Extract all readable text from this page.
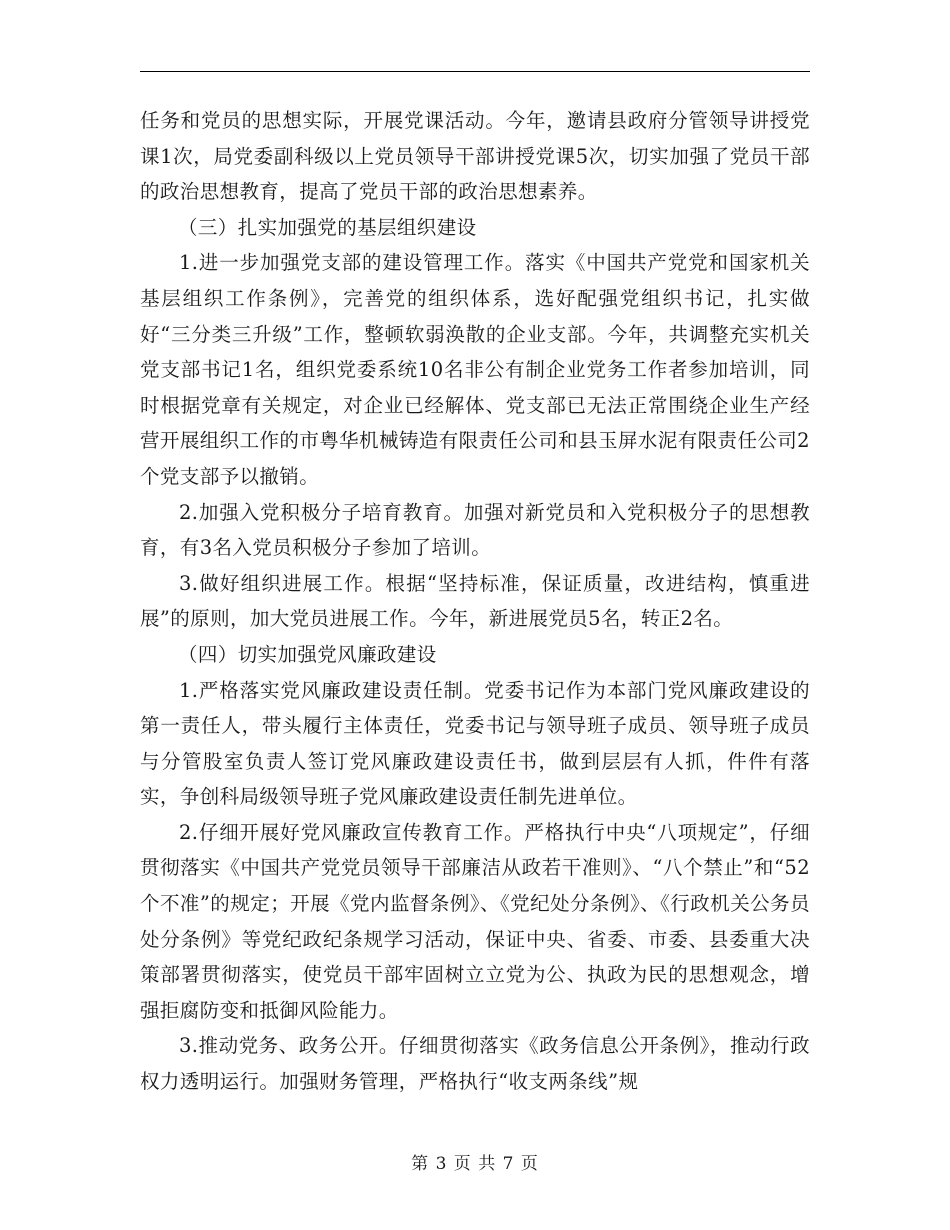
任务和党员的思想实际，开展党课活动。今年，邀请县政府分管领导讲授党课1次，局党委副科级以上党员领导干部讲授党课5次，切实加强了党员干部的政治思想教育，提高了党员干部的政治思想素养。

（三）扎实加强党的基层组织建设

1.进一步加强党支部的建设管理工作。落实《中国共产党党和国家机关基层组织工作条例》，完善党的组织体系，选好配强党组织书记，扎实做好“三分类三升级”工作，整顿软弱涣散的企业支部。今年，共调整充实机关党支部书记1名，组织党委系统10名非公有制企业党务工作者参加培训，同时根据党章有关规定，对企业已经解体、党支部已无法正常围绕企业生产经营开展组织工作的市粤华机械铸造有限责任公司和县玉屏水泥有限责任公司2个党支部予以撤销。

2.加强入党积极分子培育教育。加强对新党员和入党积极分子的思想教育，有3名入党员积极分子参加了培训。

3.做好组织进展工作。根据“坚持标准，保证质量，改进结构，慎重进展”的原则，加大党员进展工作。今年，新进展党员5名，转正2名。

（四）切实加强党风廉政建设

1.严格落实党风廉政建设责任制。党委书记作为本部门党风廉政建设的第一责任人，带头履行主体责任，党委书记与领导班子成员、领导班子成员与分管股室负责人签订党风廉政建设责任书，做到层层有人抓，件件有落实，争创科局级领导班子党风廉政建设责任制先进单位。

2.仔细开展好党风廉政宣传教育工作。严格执行中央“八项规定”，仔细贯彻落实《中国共产党党员领导干部廉洁从政若干准则》、“八个禁止”和“52个不准”的规定；开展《党内监督条例》、《党纪处分条例》、《行政机关公务员处分条例》等党纪政纪条规学习活动，保证中央、省委、市委、县委重大决策部署贯彻落实，使党员干部牢固树立立党为公、执政为民的思想观念，增强拒腐防变和抵御风险能力。

3.推动党务、政务公开。仔细贯彻落实《政务信息公开条例》，推动行政权力透明运行。加强财务管理，严格执行“收支两条线”规

第 3 页 共 7 页
